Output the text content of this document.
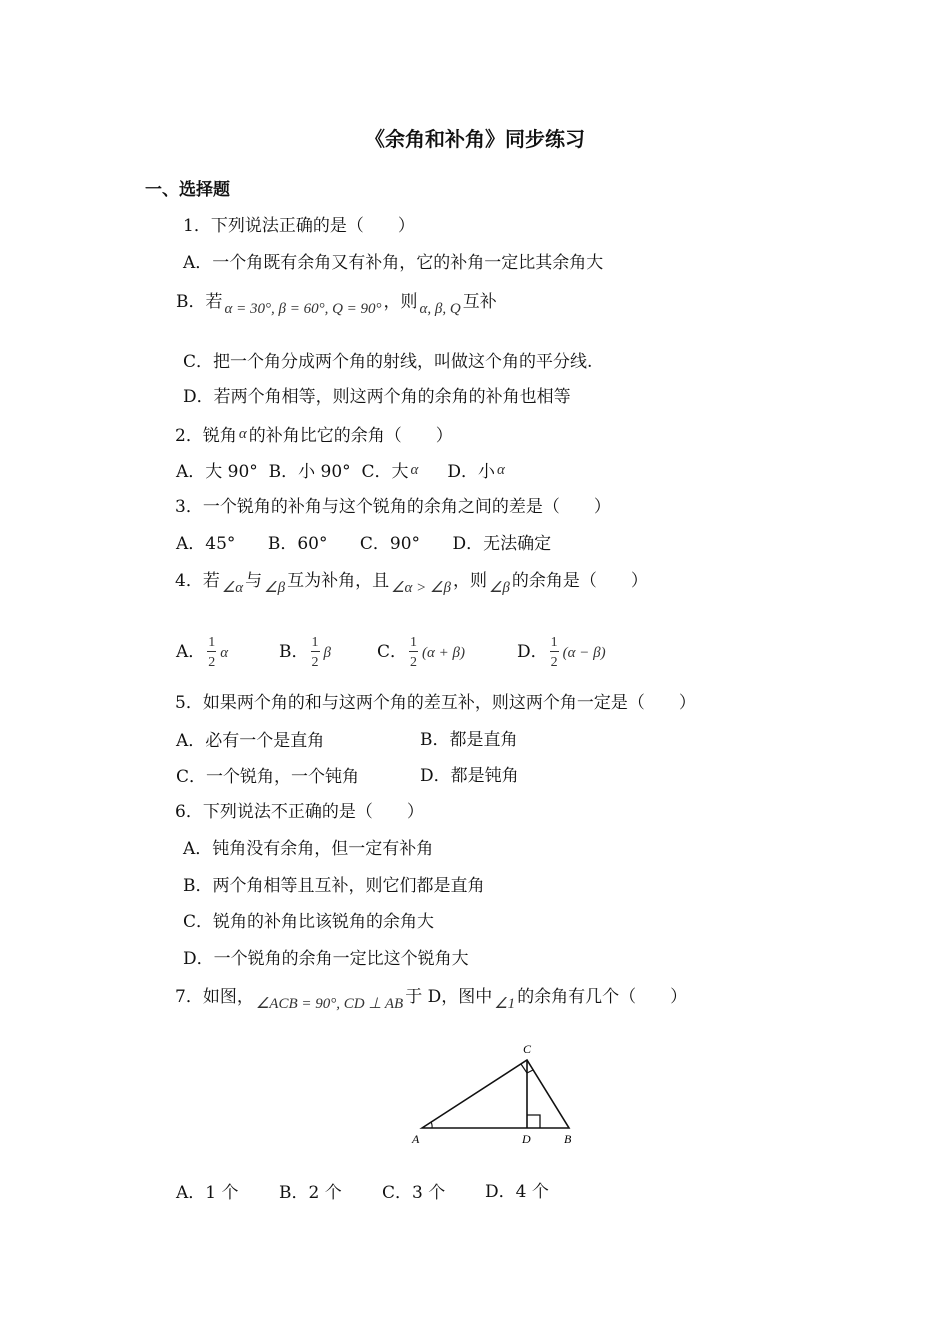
《余角和补角》同步练习
一、选择题
1．下列说法正确的是（　　）
A．一个角既有余角又有补角，它的补角一定比其余角大
B．若 α = 30°, β = 60°, Q = 90° ，则 α, β, Q 互补
C．把一个角分成两个角的射线，叫做这个角的平分线.
D．若两个角相等，则这两个角的余角的补角也相等
2．锐角 α 的补角比它的余角（　　）
A．大 90° B．小 90° C．大 α D．小 α
3．一个锐角的补角与这个锐角的余角之间的差是（　　）
A．45° B．60° C．90° D．无法确定
4．若 ∠α 与 ∠β 互为补角，且 ∠α > ∠β ，则 ∠β 的余角是（　　）
A． $\frac{1}{2}$ α	B． $\frac{1}{2}$ β	C． $\frac{1}{2} (\alpha + \beta)$	D． $\frac{1}{2} (\alpha - \beta)$
5．如果两个角的和与这两个角的差互补，则这两个角一定是（　　）
A．必有一个是直角	B．都是直角
C．一个锐角，一个钝角	D．都是钝角
6．下列说法不正确的是（　　）
A．钝角没有余角，但一定有补角
B．两个角相等且互补，则它们都是直角
C．锐角的补角比该锐角的余角大
D．一个锐角的余角一定比这个锐角大
7．如图， ∠ACB = 90°, CD ⊥ AB 于 D，图中 ∠1 的余角有几个（　　）
A
C
D	B
A．1 个 B．2 个 C．3 个 D．4 个
